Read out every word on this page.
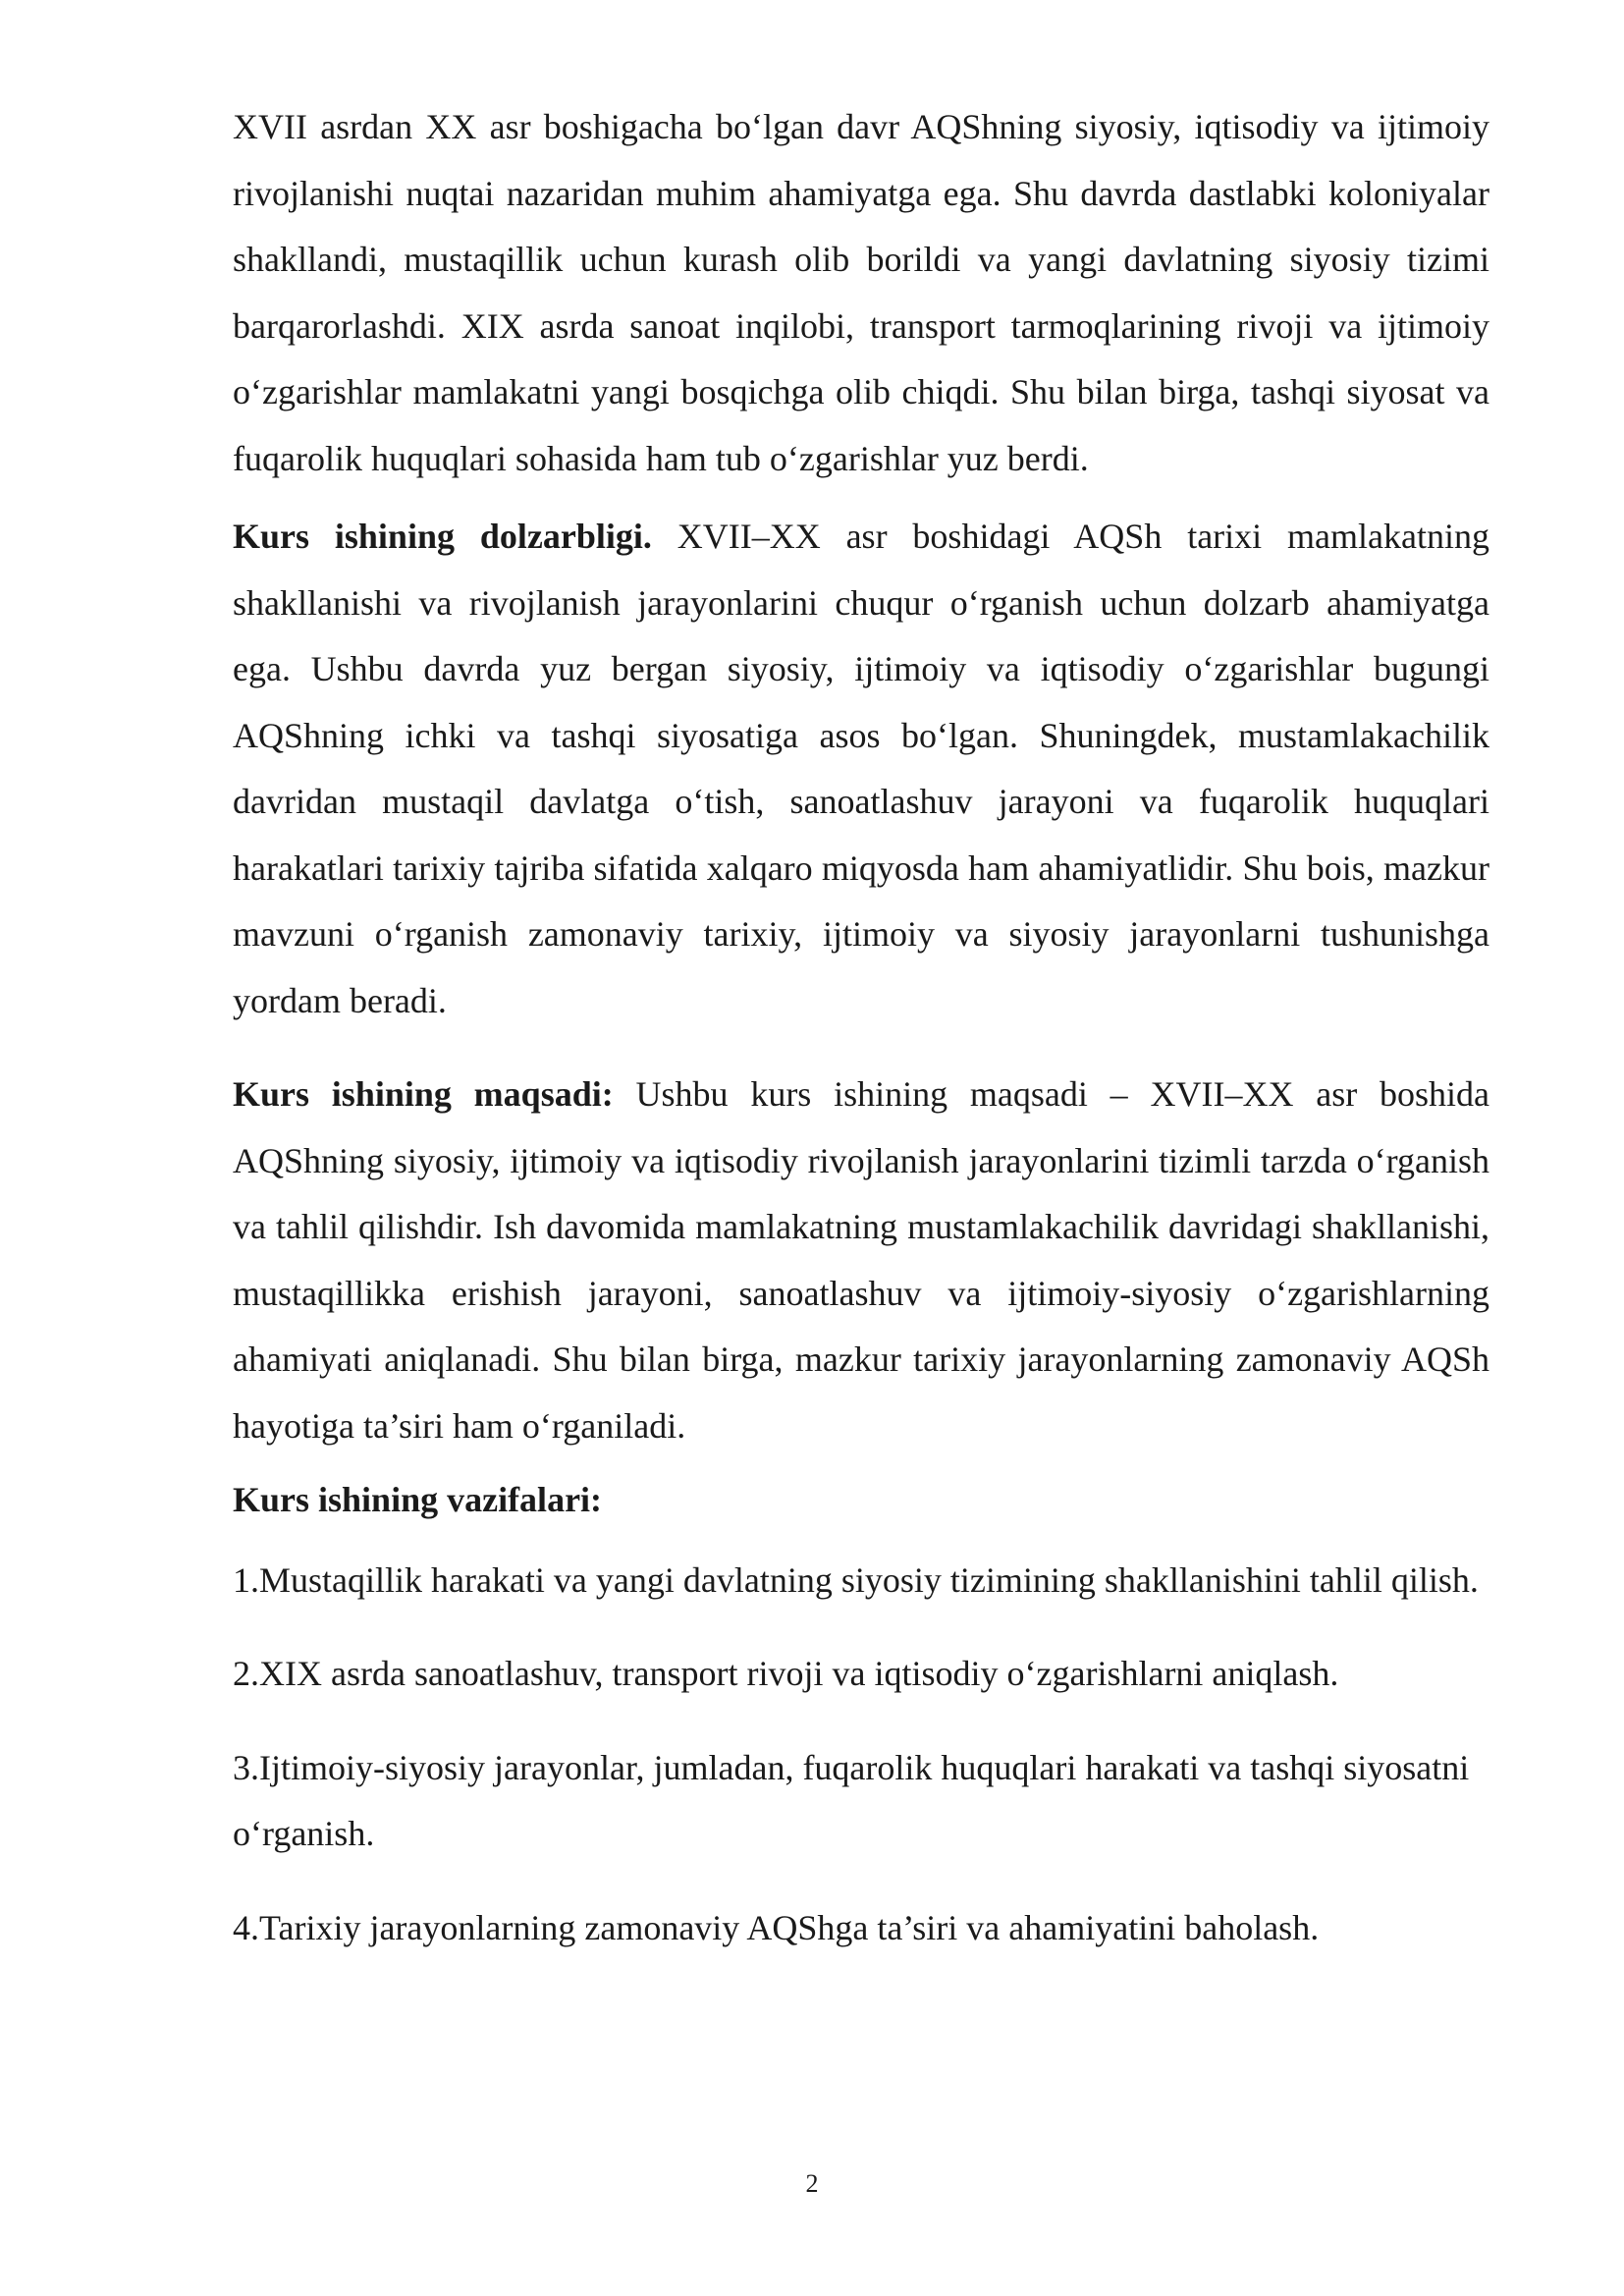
XVII asrdan XX asr boshigacha bo‘lgan davr AQShning siyosiy, iqtisodiy va ijtimoiy rivojlanishi nuqtai nazaridan muhim ahamiyatga ega. Shu davrda dastlabki koloniyalar shakllandi, mustaqillik uchun kurash olib borildi va yangi davlatning siyosiy tizimi barqarorlashdi. XIX asrda sanoat inqilobi, transport tarmoqlarining rivoji va ijtimoiy o‘zgarishlar mamlakatni yangi bosqichga olib chiqdi. Shu bilan birga, tashqi siyosat va fuqarolik huquqlari sohasida ham tub o‘zgarishlar yuz berdi.

Kurs ishining dolzarbligi. XVII–XX asr boshidagi AQSh tarixi mamlakatning shakllanishi va rivojlanish jarayonlarini chuqur o‘rganish uchun dolzarb ahamiyatga ega. Ushbu davrda yuz bergan siyosiy, ijtimoiy va iqtisodiy o‘zgarishlar bugungi AQShning ichki va tashqi siyosatiga asos bo‘lgan. Shuningdek, mustamlakachilik davridan mustaqil davlatga o‘tish, sanoatlashuv jarayoni va fuqarolik huquqlari harakatlari tarixiy tajriba sifatida xalqaro miqyosda ham ahamiyatlidir. Shu bois, mazkur mavzuni o‘rganish zamonaviy tarixiy, ijtimoiy va siyosiy jarayonlarni tushunishga yordam beradi.

Kurs ishining maqsadi: Ushbu kurs ishining maqsadi – XVII–XX asr boshida AQShning siyosiy, ijtimoiy va iqtisodiy rivojlanish jarayonlarini tizimli tarzda o‘rganish va tahlil qilishdir. Ish davomida mamlakatning mustamlakachilik davridagi shakllanishi, mustaqillikka erishish jarayoni, sanoatlashuv va ijtimoiy-siyosiy o‘zgarishlarning ahamiyati aniqlanadi. Shu bilan birga, mazkur tarixiy jarayonlarning zamonaviy AQSh hayotiga ta’siri ham o‘rganiladi.

Kurs ishining vazifalari:

1.Mustaqillik harakati va yangi davlatning siyosiy tizimining shakllanishini tahlil qilish.

2.XIX asrda sanoatlashuv, transport rivoji va iqtisodiy o‘zgarishlarni aniqlash.

3.Ijtimoiy-siyosiy jarayonlar, jumladan, fuqarolik huquqlari harakati va tashqi siyosatni o‘rganish.

4.Tarixiy jarayonlarning zamonaviy AQShga ta’siri va ahamiyatini baholash.

2
